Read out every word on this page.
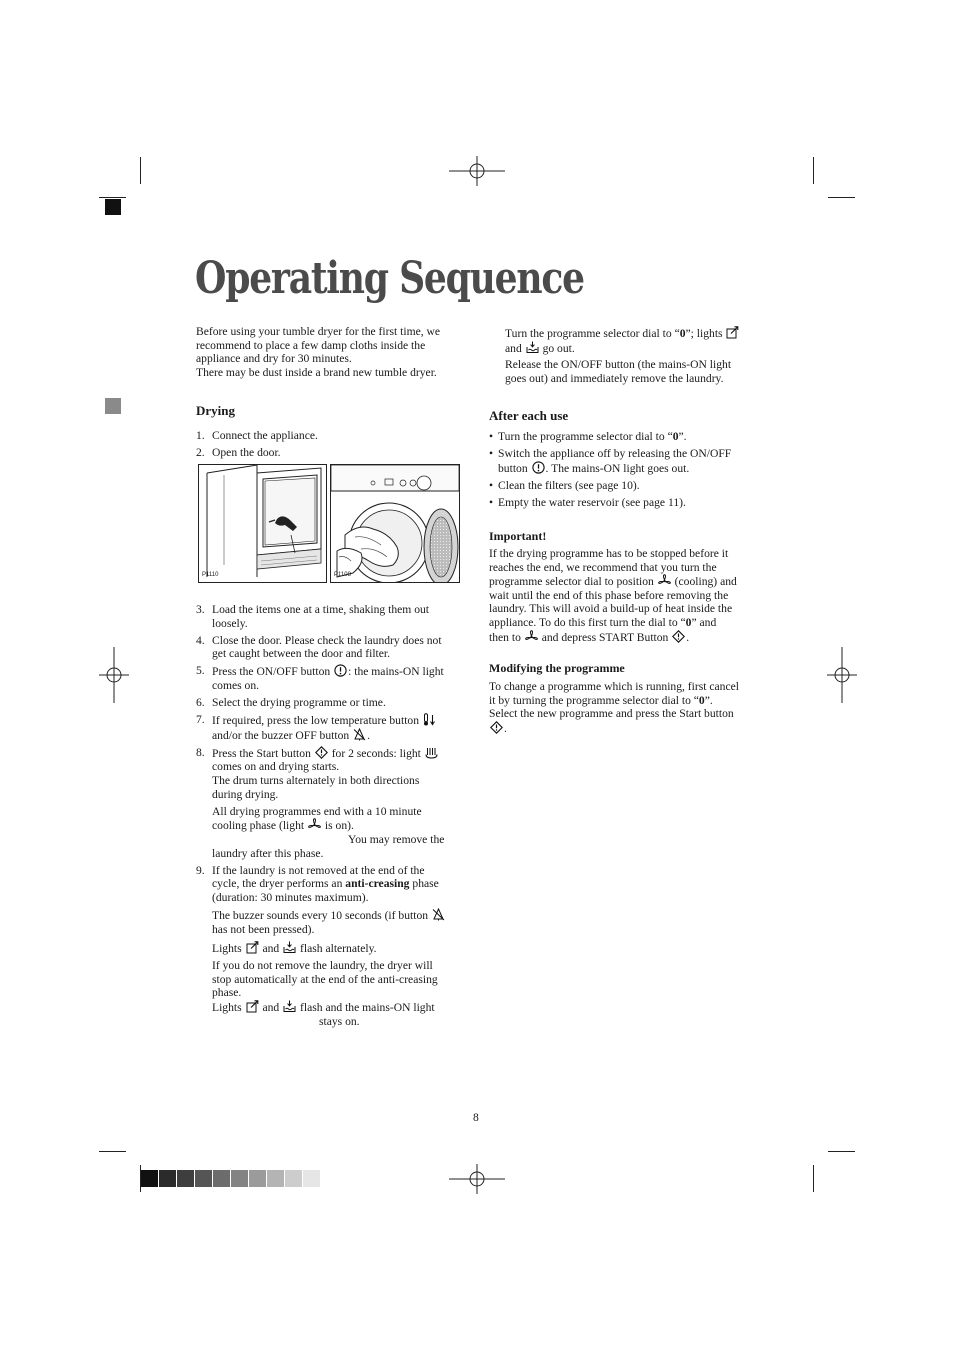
Operating Sequence

Before using your tumble dryer for the first time, we

recommend to place a few damp cloths inside the

appliance and dry for 30 minutes.

There may be dust inside a brand new tumble dryer.

Drying
1. Connect the appliance.
2. Open the door.
P1110	P1108
3. Load the items one at a time, shaking them out

loosely.

4. Close the door. Please check the laundry does not

get caught between the door and filter.

5. Press the ON/OFF button : the mains-ON light

comes on.

6. Select the drying programme or time.

7. If required, press the low temperature button

and/or the buzzer OFF button .

8. Press the Start button for 2 seconds: light

comes on and drying starts.

The drum turns alternately in both directions

during drying.

All drying programmes end with a 10 minute

cooling phase (light is on).

You may remove the

laundry after this phase.

9. If the laundry is not removed at the end of the

cycle, the dryer performs an anti-creasing phase

(duration: 30 minutes maximum).

The buzzer sounds every 10 seconds (if button

has not been pressed).

Lights and flash alternately.

If you do not remove the laundry, the dryer will

stop automatically at the end of the anti-creasing

phase.

Lights and flash and the mains-ON light

stays on.

Turn the programme selector dial to “0”; lights

and go out.

Release the ON/OFF button (the mains-ON light

goes out) and immediately remove the laundry.

After each use
• Turn the programme selector dial to “0”.

• Switch the appliance off by releasing the ON/OFF

button . The mains-ON light goes out.

• Clean the filters (see page 10).
• Empty the water reservoir (see page 11).
Important!

If the drying programme has to be stopped before it

reaches the end, we recommend that you turn the

programme selector dial to position (cooling) and

wait until the end of this phase before removing the

laundry. This will avoid a build-up of heat inside the

appliance. To do this first turn the dial to “0” and

then to and depress START Button .

Modifying the programme

To change a programme which is running, first cancel

it by turning the programme selector dial to “0”.

Select the new programme and press the Start button

.

8
